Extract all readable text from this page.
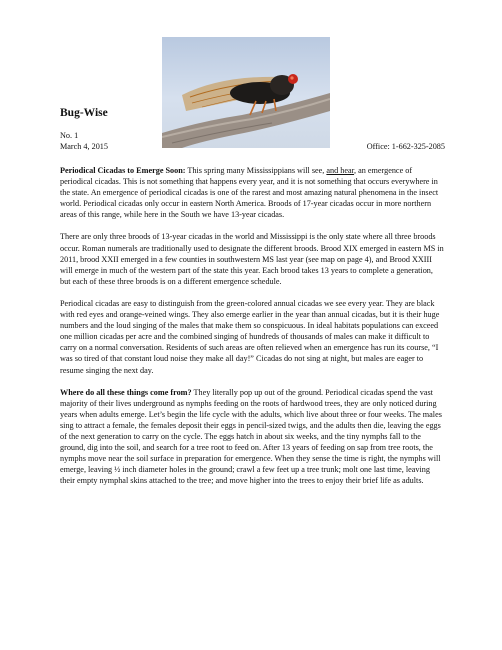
Bug-Wise
No. 1
March 4, 2015	Office: 1-662-325-2085

Periodical Cicadas to Emerge Soon: This spring many Mississippians will see, and hear, an emergence of periodical cicadas. This is not something that happens every year, and it is not something that occurs everywhere in the state. An emergence of periodical cicadas is one of the rarest and most amazing natural phenomena in the insect world. Periodical cicadas only occur in eastern North America. Broods of 17-year cicadas occur in more northern areas of this range, while here in the South we have 13-year cicadas.

There are only three broods of 13-year cicadas in the world and Mississippi is the only state where all three broods occur. Roman numerals are traditionally used to designate the different broods. Brood XIX emerged in eastern MS in 2011, brood XXII emerged in a few counties in southwestern MS last year (see map on page 4), and Brood XXIII will emerge in much of the western part of the state this year. Each brood takes 13 years to complete a generation, but each of these three broods is on a different emergence schedule.

Periodical cicadas are easy to distinguish from the green-colored annual cicadas we see every year. They are black with red eyes and orange-veined wings. They also emerge earlier in the year than annual cicadas, but it is their huge numbers and the loud singing of the males that make them so conspicuous. In ideal habitats populations can exceed one million cicadas per acre and the combined singing of hundreds of thousands of males can make it difficult to carry on a normal conversation. Residents of such areas are often relieved when an emergence has run its course, “I was so tired of that constant loud noise they make all day!” Cicadas do not sing at night, but males are eager to resume singing the next day.

Where do all these things come from? They literally pop up out of the ground. Periodical cicadas spend the vast majority of their lives underground as nymphs feeding on the roots of hardwood trees, they are only noticed during years when adults emerge. Let’s begin the life cycle with the adults, which live about three or four weeks. The males sing to attract a female, the females deposit their eggs in pencil-sized twigs, and the adults then die, leaving the eggs of the next generation to carry on the cycle. The eggs hatch in about six weeks, and the tiny nymphs fall to the ground, dig into the soil, and search for a tree root to feed on. After 13 years of feeding on sap from tree roots, the nymphs move near the soil surface in preparation for emergence. When they sense the time is right, the nymphs will emerge, leaving ½ inch diameter holes in the ground; crawl a few feet up a tree trunk; molt one last time, leaving their empty nymphal skins attached to the tree; and move higher into the trees to enjoy their brief life as adults.
